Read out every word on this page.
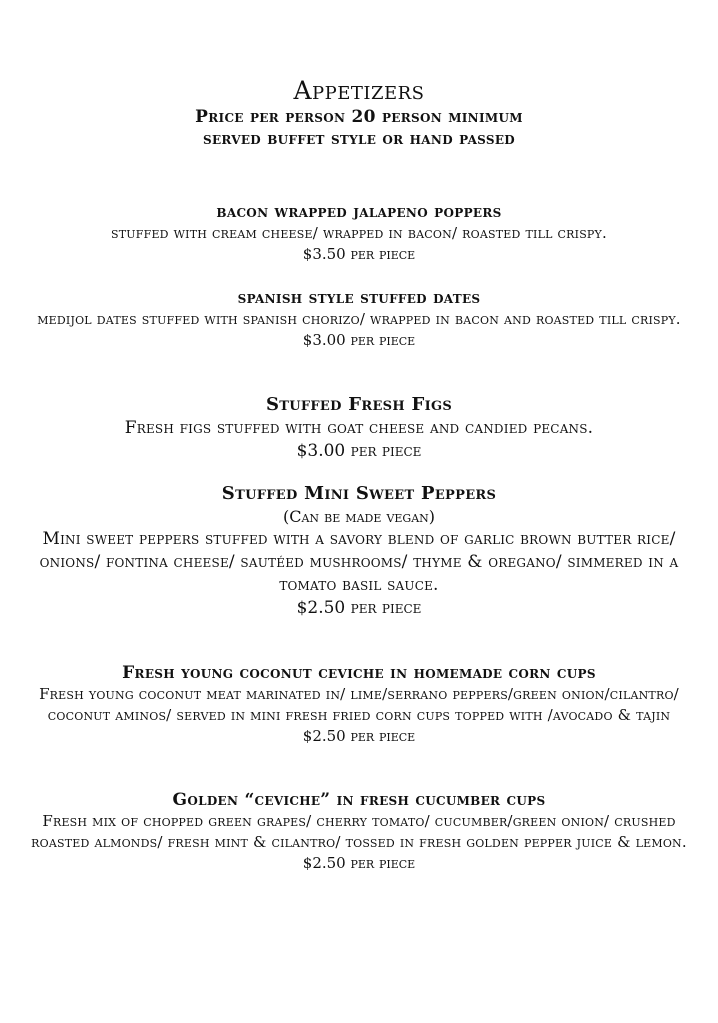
Appetizers

Price per person 20 person minimum

served buffet style or hand passed

bacon wrapped jalapeno poppers

stuffed with cream cheese/ wrapped in bacon/ roasted till crispy.

$3.50 per piece

spanish style stuffed dates

medijol dates stuffed with spanish chorizo/ wrapped in bacon and roasted till crispy.

$3.00 per piece

Stuffed Fresh Figs

Fresh figs stuffed with goat cheese and candied pecans.

$3.00 per piece

Stuffed Mini Sweet Peppers

(Can be made vegan)

Mini sweet peppers stuffed with a savory blend of garlic brown butter rice/ onions/ fontina cheese/ sautéed mushrooms/ thyme & oregano/ simmered in a tomato basil sauce.

$2.50 per piece

Fresh young coconut ceviche in homemade corn cups

Fresh young coconut meat marinated in/ lime/serrano peppers/green onion/cilantro/ coconut aminos/ served in mini fresh fried corn cups topped with /avocado & tajin

$2.50 per piece

Golden “ceviche” in fresh cucumber cups

Fresh mix of chopped green grapes/ cherry tomato/ cucumber/green onion/ crushed roasted almonds/ fresh mint & cilantro/ tossed in fresh golden pepper juice & lemon.

$2.50 per piece
